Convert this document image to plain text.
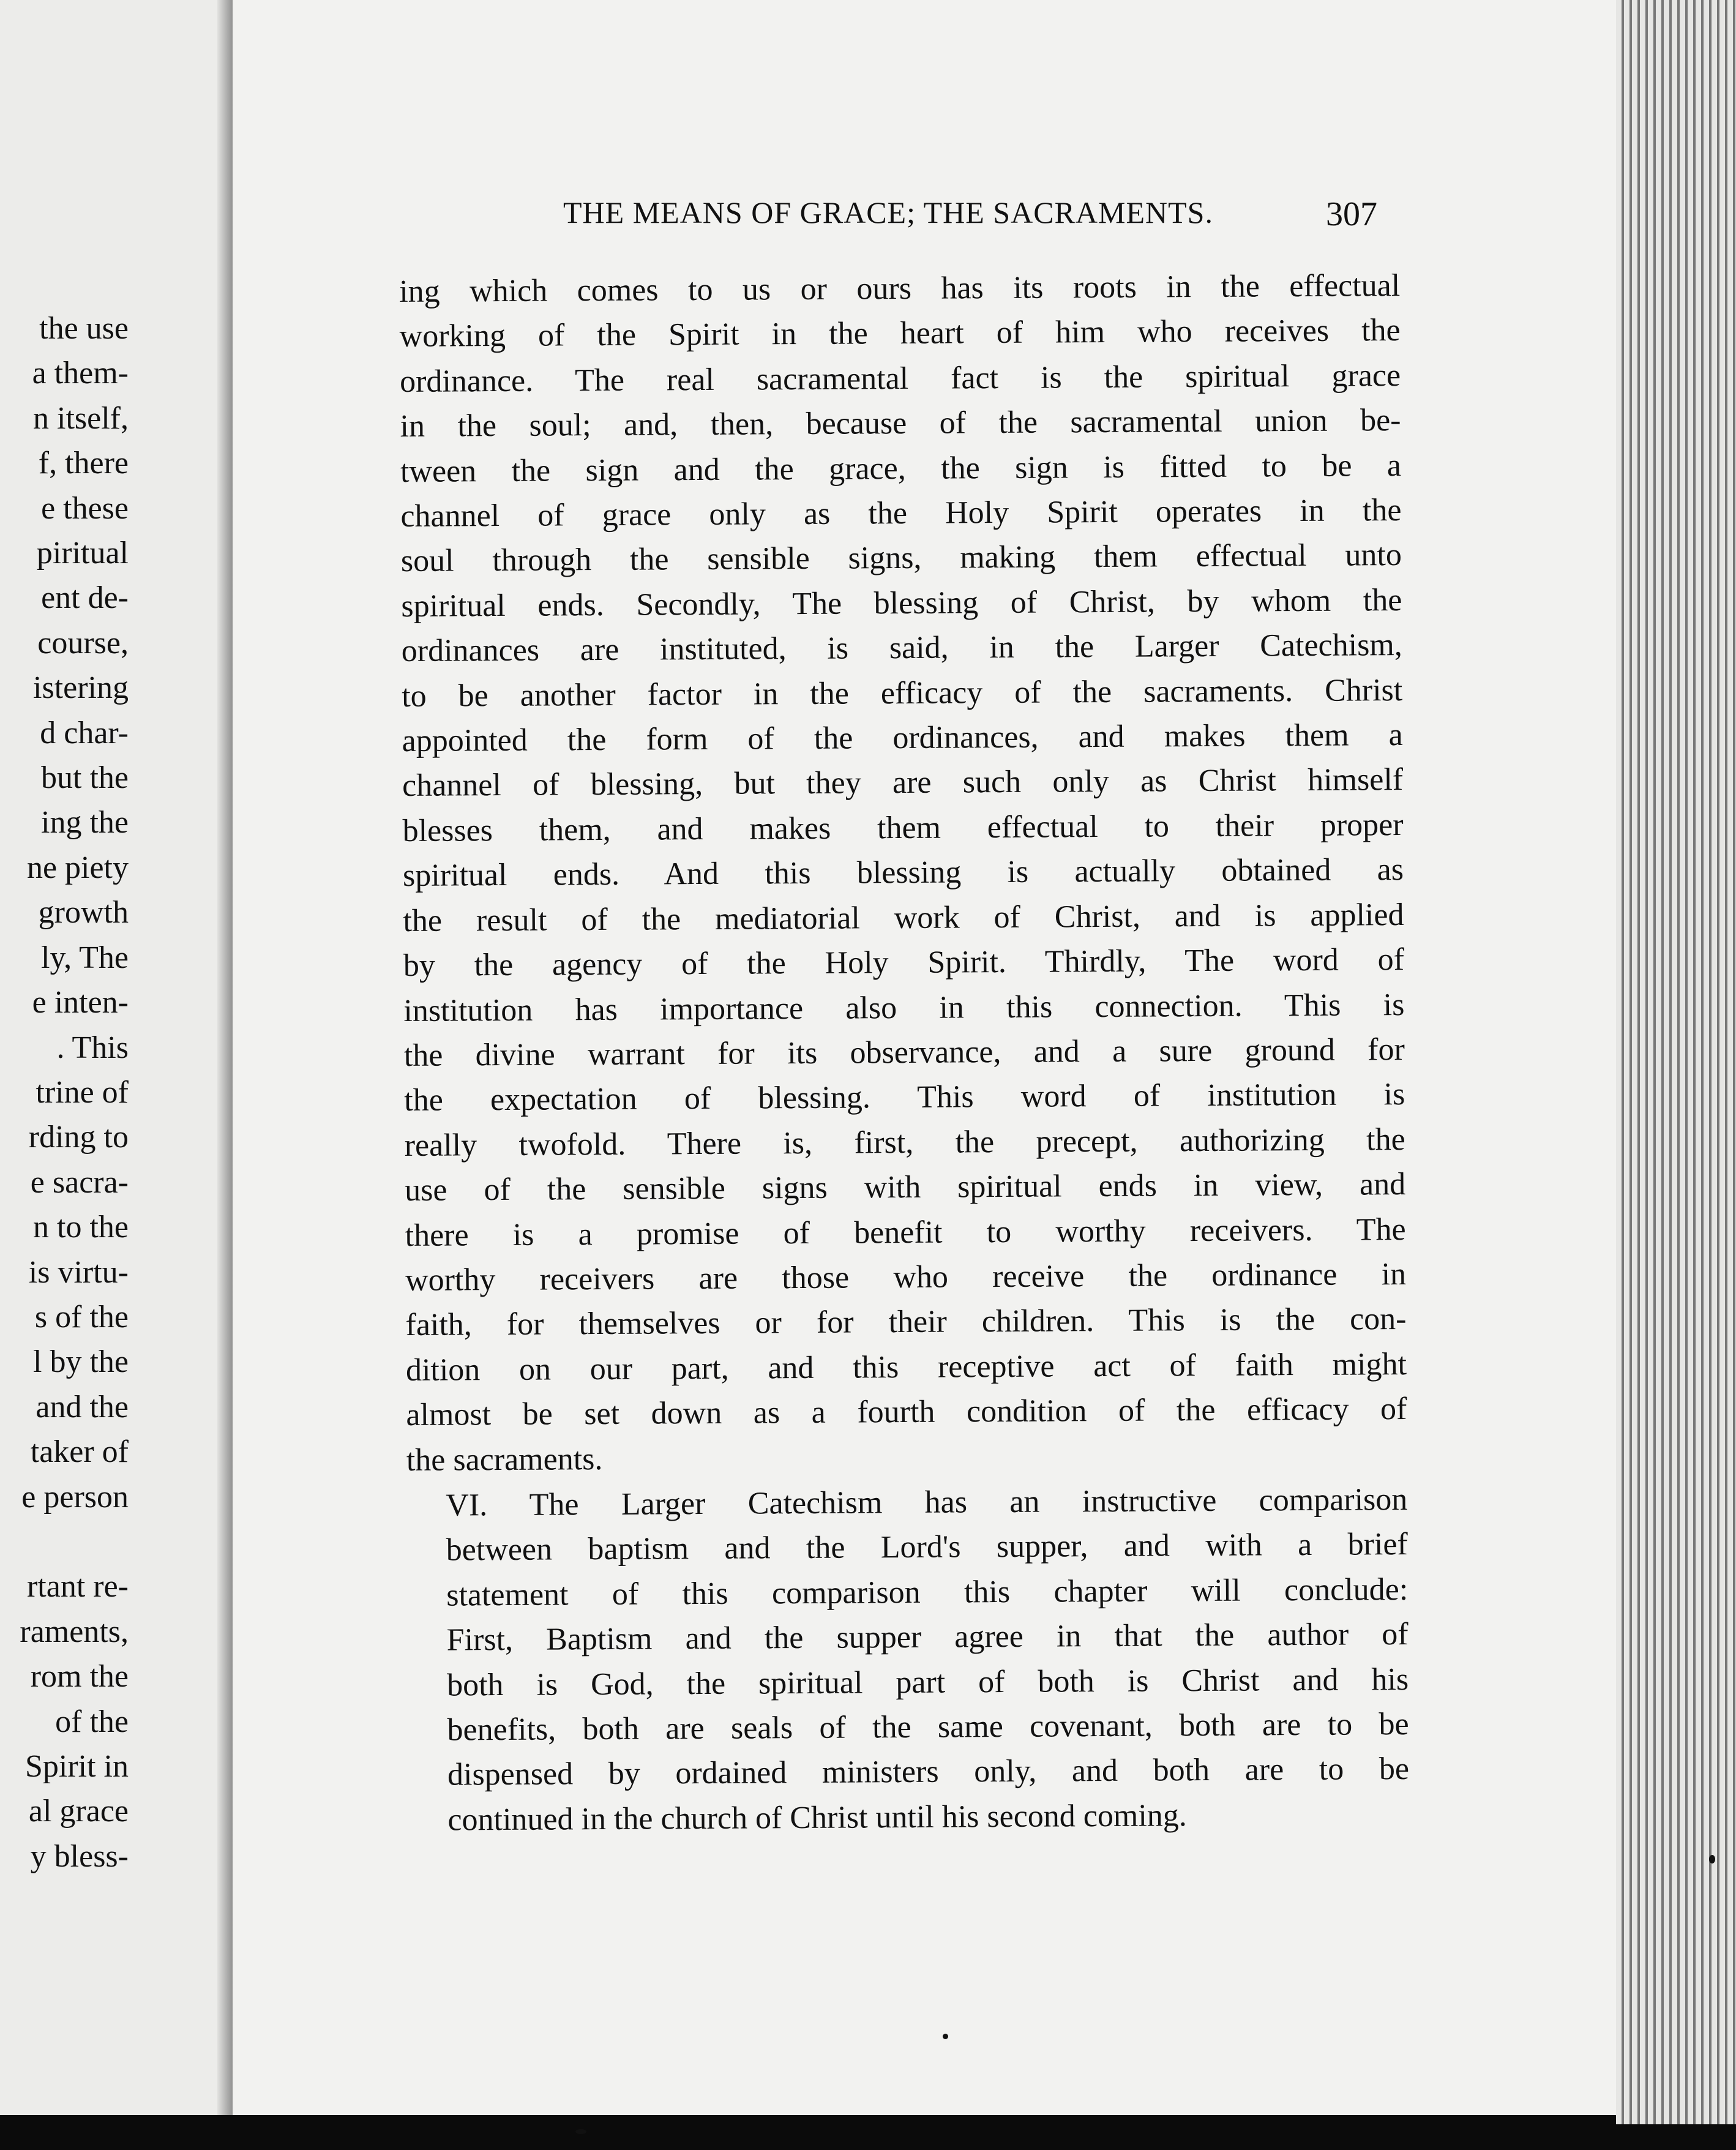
the use
a them-
n itself,
f, there
e these
piritual
ent de-
course,
istering
d char-
but the
ing the
ne piety
growth
ly, The
e inten-
. This
trine of
rding to
e sacra-
n to the
is virtu-
s of the
l by the
and the
taker of
e person
rtant re-
raments,
rom the
of the
Spirit in
al grace
y bless-
THE MEANS OF GRACE; THE SACRAMENTS.	307

ing which comes to us or ours has its roots in the effectual
working of the Spirit in the heart of him who receives the
ordinance. The real sacramental fact is the spiritual grace
in the soul; and, then, because of the sacramental union be-
tween the sign and the grace, the sign is fitted to be a
channel of grace only as the Holy Spirit operates in the
soul through the sensible signs, making them effectual unto
spiritual ends. Secondly, The blessing of Christ, by whom the
ordinances are instituted, is said, in the Larger Catechism,
to be another factor in the efficacy of the sacraments. Christ
appointed the form of the ordinances, and makes them a
channel of blessing, but they are such only as Christ himself
blesses them, and makes them effectual to their proper
spiritual ends. And this blessing is actually obtained as
the result of the mediatorial work of Christ, and is applied
by the agency of the Holy Spirit. Thirdly, The word of
institution has importance also in this connection. This is
the divine warrant for its observance, and a sure ground for
the expectation of blessing. This word of institution is
really twofold. There is, first, the precept, authorizing the
use of the sensible signs with spiritual ends in view, and
there is a promise of benefit to worthy receivers. The
worthy receivers are those who receive the ordinance in
faith, for themselves or for their children. This is the con-
dition on our part, and this receptive act of faith might
almost be set down as a fourth condition of the efficacy of
the sacraments.

VI. The Larger Catechism has an instructive comparison
between baptism and the Lord's supper, and with a brief
statement of this comparison this chapter will conclude:
First, Baptism and the supper agree in that the author of
both is God, the spiritual part of both is Christ and his
benefits, both are seals of the same covenant, both are to be
dispensed by ordained ministers only, and both are to be
continued in the church of Christ until his second coming.
